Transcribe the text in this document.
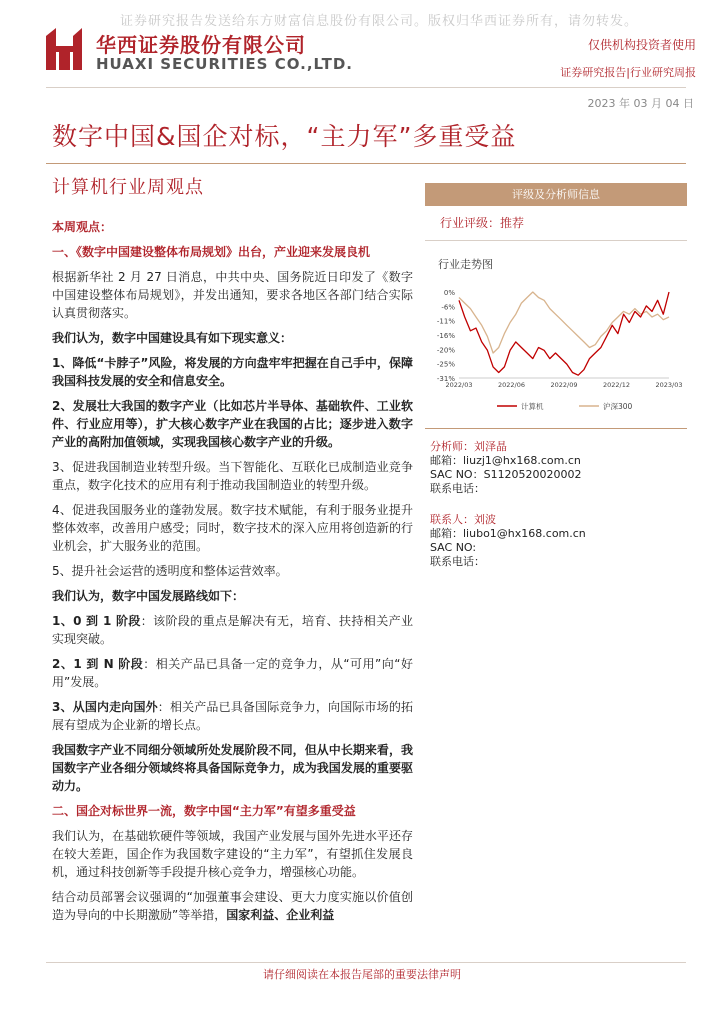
证券研究报告发送给东方财富信息股份有限公司。版权归华西证券所有，请勿转发。
华西证券股份有限公司
HUAXI SECURITIES CO.,LTD.
仅供机构投资者使用
证券研究报告|行业研究周报
2023 年 03 月 04 日
数字中国&国企对标，“主力军”多重受益
计算机行业周观点

本周观点：

一、《数字中国建设整体布局规划》出台，产业迎来发展良机

根据新华社 2 月 27 日消息，中共中央、国务院近日印发了《数字中国建设整体布局规划》，并发出通知，要求各地区各部门结合实际认真贯彻落实。

我们认为，数字中国建设具有如下现实意义：

1、降低“卡脖子”风险，将发展的方向盘牢牢把握在自己手中，保障我国科技发展的安全和信息安全。

2、发展壮大我国的数字产业（比如芯片半导体、基础软件、工业软件、行业应用等），扩大核心数字产业在我国的占比；逐步进入数字产业的高附加值领域，实现我国核心数字产业的升级。

3、促进我国制造业转型升级。当下智能化、互联化已成制造业竞争重点，数字化技术的应用有利于推动我国制造业的转型升级。

4、促进我国服务业的蓬勃发展。数字技术赋能，有利于服务业提升整体效率，改善用户感受；同时，数字技术的深入应用将创造新的行业机会，扩大服务业的范围。

5、提升社会运营的透明度和整体运营效率。

我们认为，数字中国发展路线如下：

1、0 到 1 阶段：该阶段的重点是解决有无，培育、扶持相关产业实现突破。

2、1 到 N 阶段：相关产品已具备一定的竞争力，从“可用”向“好用”发展。

3、从国内走向国外：相关产品已具备国际竞争力，向国际市场的拓展有望成为企业新的增长点。

我国数字产业不同细分领域所处发展阶段不同，但从中长期来看，我国数字产业各细分领域终将具备国际竞争力，成为我国发展的重要驱动力。

二、国企对标世界一流，数字中国“主力军”有望多重受益

我们认为，在基础软硬件等领域，我国产业发展与国外先进水平还存在较大差距，国企作为我国数字建设的“主力军”，有望抓住发展良机，通过科技创新等手段提升核心竞争力，增强核心功能。

结合动员部署会议强调的“加强董事会建设、更大力度实施以价值创造为导向的中长期激励”等举措，国家利益、企业利益

评级及分析师信息
行业评级：推荐
行业走势图
0%
-6%
-11%
-16%
-20%
-25%
-31%
2022/03	2022/06	2022/09	2022/12	2023/03
计算机	沪深300
分析师：刘泽晶
邮箱：liuzj1@hx168.com.cn
SAC NO：S1120520020002
联系电话：
联系人：刘波
邮箱：liubo1@hx168.com.cn
SAC NO:
联系电话：
请仔细阅读在本报告尾部的重要法律声明
